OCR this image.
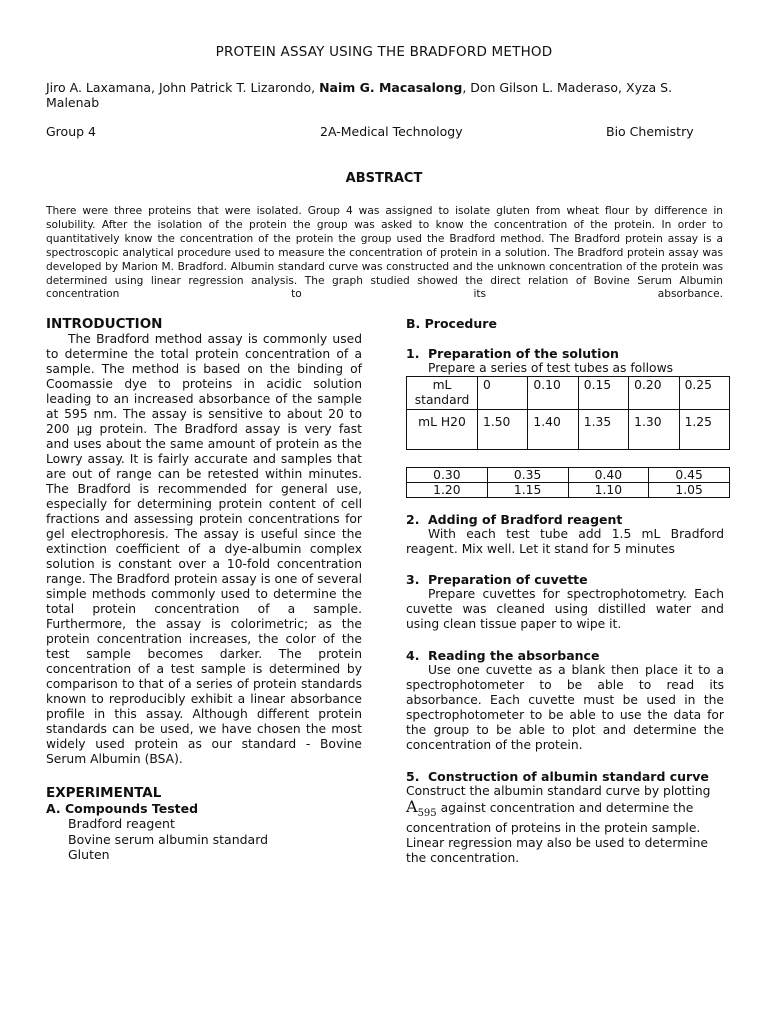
PROTEIN ASSAY USING THE BRADFORD METHOD
Jiro A. Laxamana, John Patrick T. Lizarondo, Naim G. Macasalong, Don Gilson L. Maderaso, Xyza S. Malenab
Group 4	2A-Medical Technology	Bio Chemistry
ABSTRACT
There were three proteins that were isolated. Group 4 was assigned to isolate gluten from wheat flour by difference in solubility. After the isolation of the protein the group was asked to know the concentration of the protein. In order to quantitatively know the concentration of the protein the group used the Bradford method. The Bradford protein assay is a spectroscopic analytical procedure used to measure the concentration of protein in a solution. The Bradford protein assay was developed by Marion M. Bradford. Albumin standard curve was constructed and the unknown concentration of the protein was determined using linear regression analysis. The graph studied showed the direct relation of Bovine Serum Albumin concentration to its absorbance.
INTRODUCTION

The Bradford method assay is commonly used to determine the total protein concentration of a sample. The method is based on the binding of Coomassie dye to proteins in acidic solution leading to an increased absorbance of the sample at 595 nm. The assay is sensitive to about 20 to 200 µg protein. The Bradford assay is very fast and uses about the same amount of protein as the Lowry assay. It is fairly accurate and samples that are out of range can be retested within minutes. The Bradford is recommended for general use, especially for determining protein content of cell fractions and assessing protein concentrations for gel electrophoresis. The assay is useful since the extinction coefficient of a dye-albumin complex solution is constant over a 10-fold concentration range. The Bradford protein assay is one of several simple methods commonly used to determine the total protein concentration of a sample. Furthermore, the assay is colorimetric; as the protein concentration increases, the color of the test sample becomes darker. The protein concentration of a test sample is determined by comparison to that of a series of protein standards known to reproducibly exhibit a linear absorbance profile in this assay. Although different protein standards can be used, we have chosen the most widely used protein as our standard - Bovine Serum Albumin (BSA).

EXPERIMENTAL
A. Compounds Tested
Bradford reagent
Bovine serum albumin standard
Gluten
B. Procedure
1. Preparation of the solution
Prepare a series of test tubes as follows
mL standard	0	0.10	0.15	0.20	0.25
mL H20	1.50	1.40	1.35	1.30	1.25
0.30	0.35	0.40	0.45
1.20	1.15	1.10	1.05
2. Adding of Bradford reagent

With each test tube add 1.5 mL Bradford reagent. Mix well. Let it stand for 5 minutes

3. Preparation of cuvette

Prepare cuvettes for spectrophotometry. Each cuvette was cleaned using distilled water and using clean tissue paper to wipe it.

4. Reading the absorbance

Use one cuvette as a blank then place it to a spectrophotometer to be able to read its absorbance. Each cuvette must be used in the spectrophotometer to be able to use the data for the group to be able to plot and determine the concentration of the protein.

5. Construction of albumin standard curve

Construct the albumin standard curve by plotting
$A_{595}$ against concentration and determine the concentration of proteins in the protein sample. Linear regression may also be used to determine the concentration.
